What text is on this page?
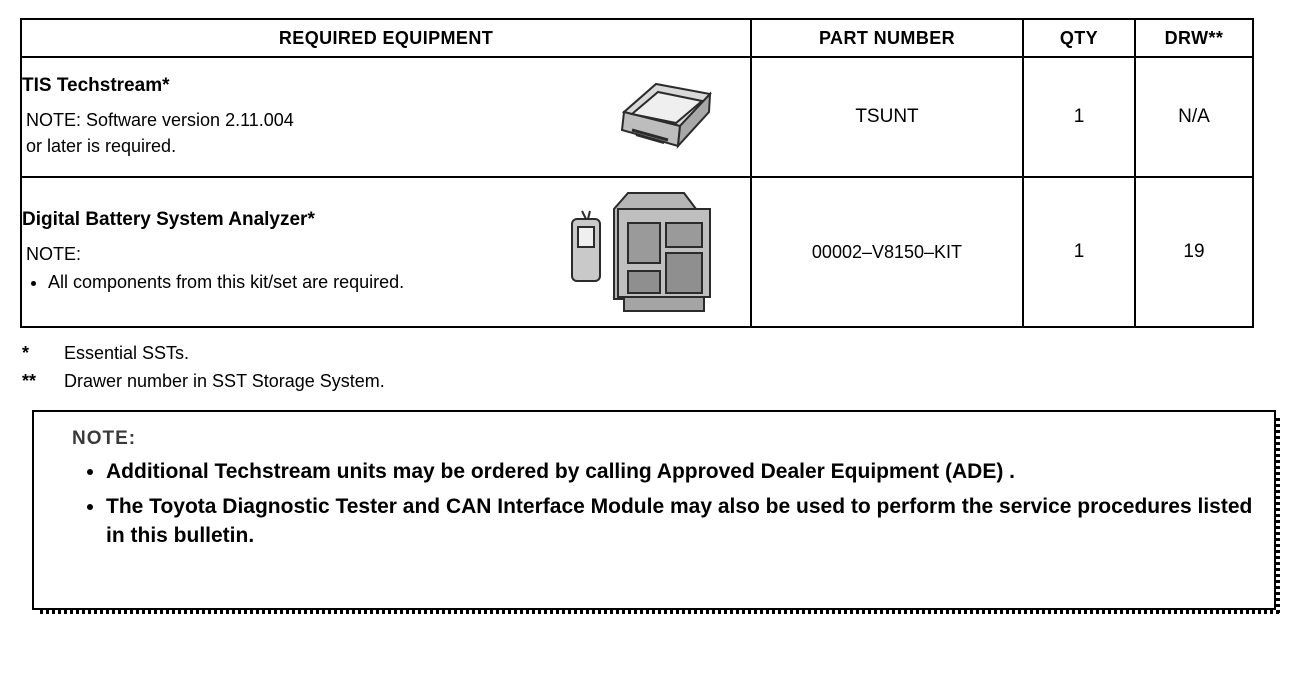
REQUIRED EQUIPMENT	PART NUMBER	QTY	DRW**

TIS Techstream*

NOTE: Software version 2.11.004
or later is required.	TSUNT	1	N/A

Digital Battery System Analyzer*

NOTE:

• All components from this kit/set are required.
	00002–V8150–KIT	1	19
*	Essential SSTs.
**	Drawer number in SST Storage System.

NOTE:

• Additional Techstream units may be ordered by calling Approved Dealer Equipment (ADE) .
• The Toyota Diagnostic Tester and CAN Interface Module may also be used to perform the service procedures listed in this bulletin.
